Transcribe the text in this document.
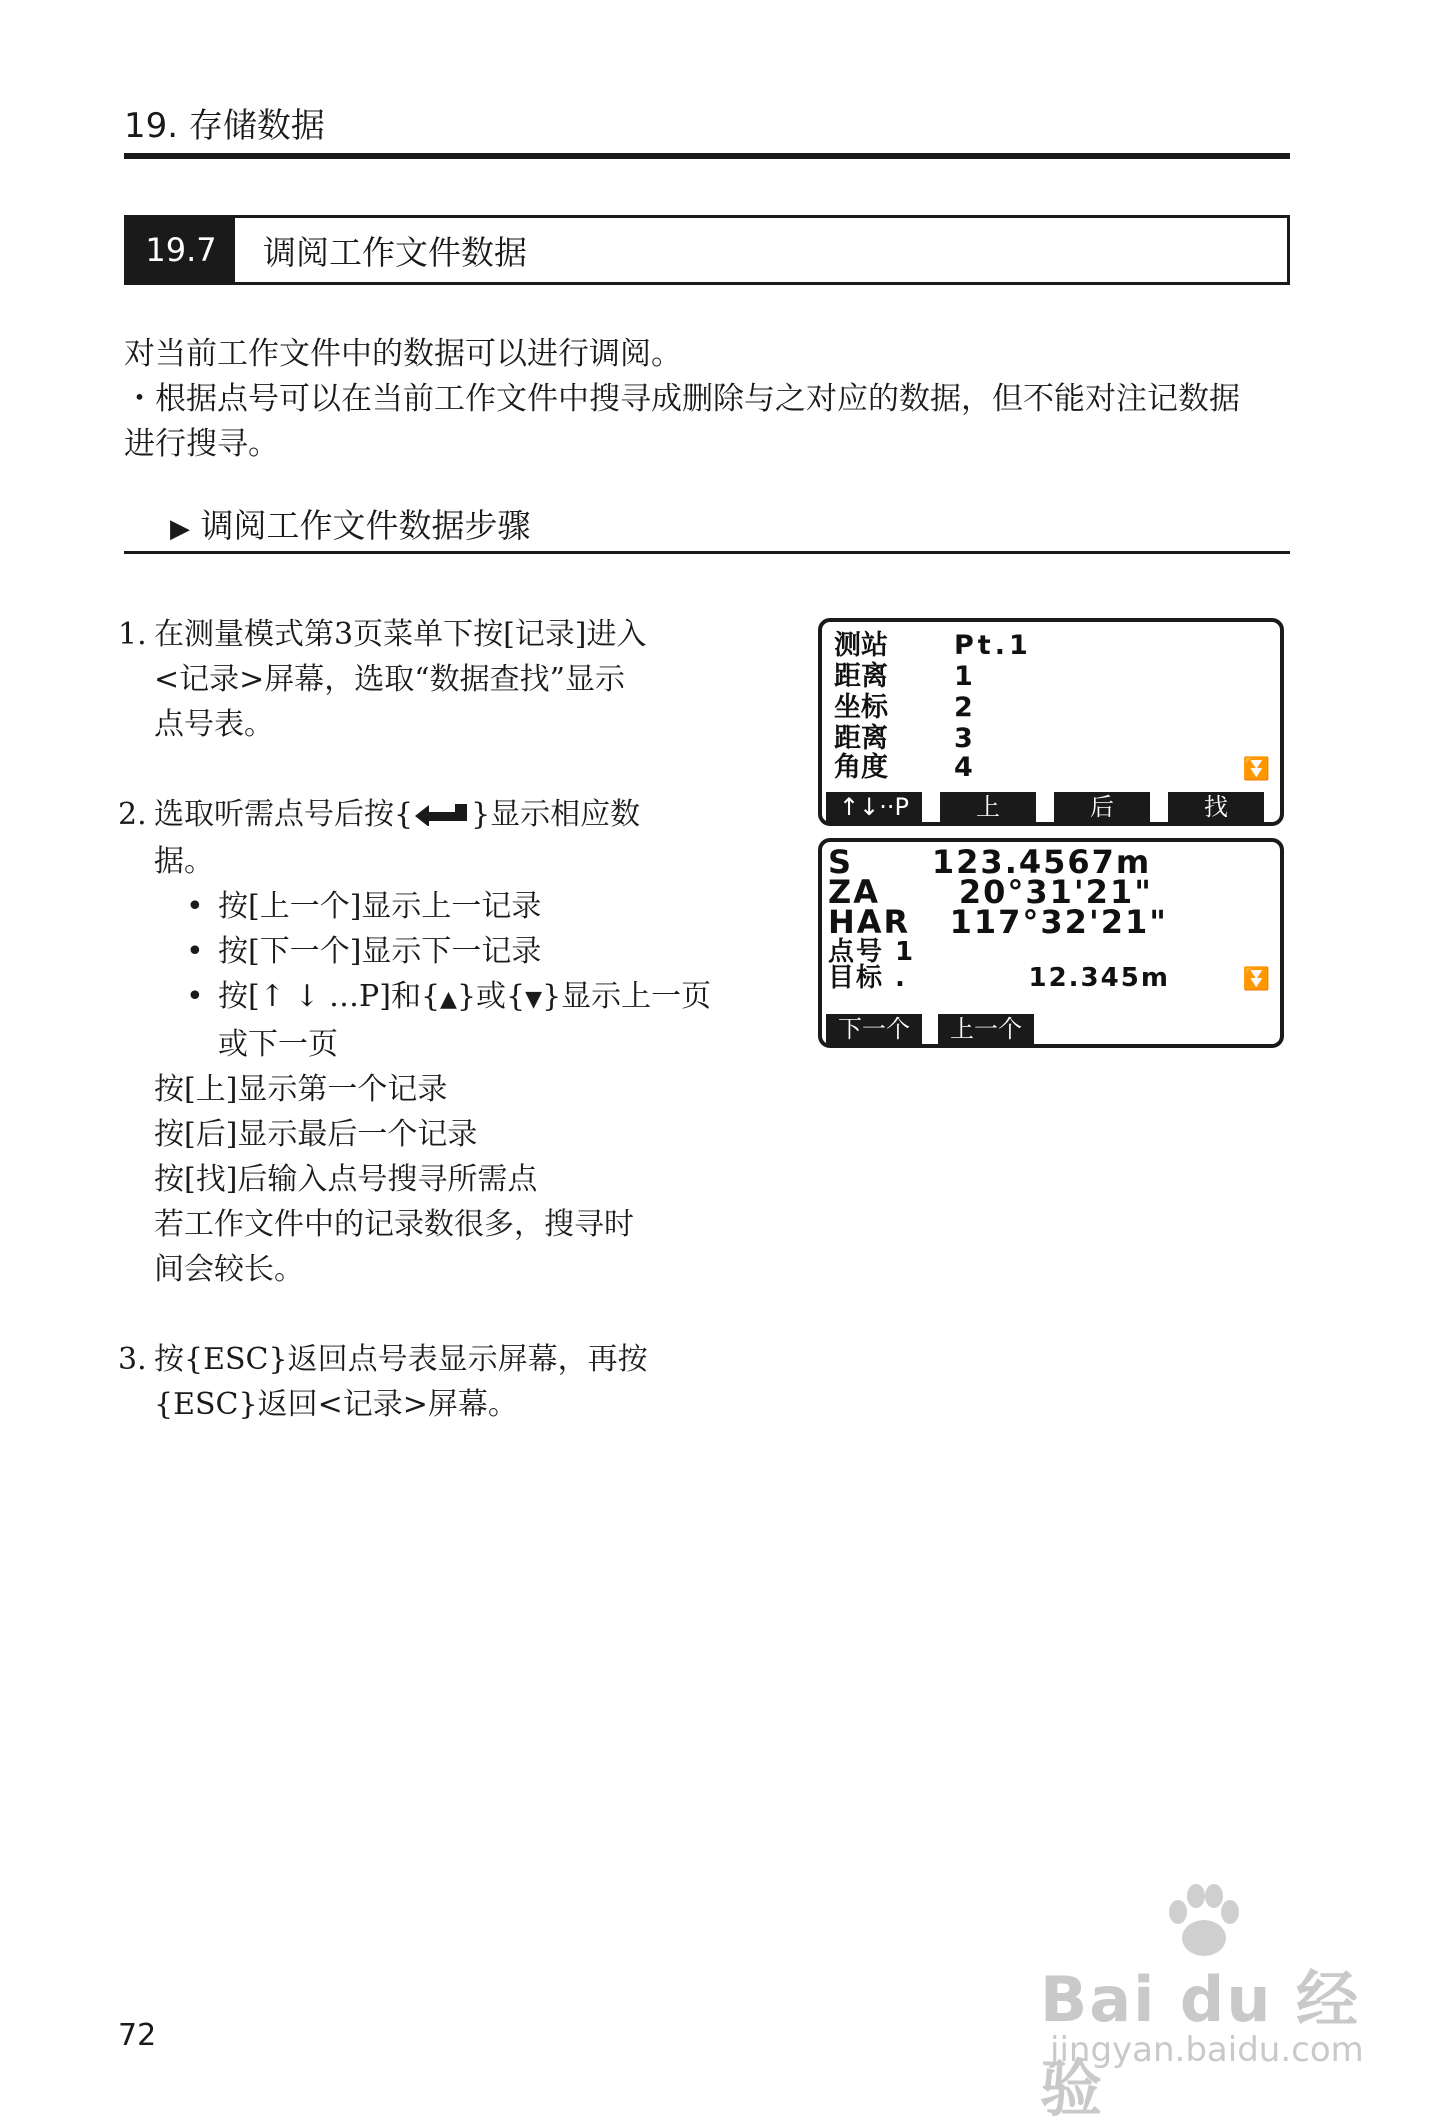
19. 存储数据
19.7	调阅工作文件数据

对当前工作文件中的数据可以进行调阅。

・根据点号可以在当前工作文件中搜寻成删除与之对应的数据，但不能对注记数据

进行搜寻。

▶ 调阅工作文件数据步骤
1. 在测量模式第3页菜单下按[记录]进入

<记录>屏幕，选取“数据查找”显示

点号表。

2. 选取听需点号后按{ }显示相应数

据。

• 按[上一个]显示上一记录
• 按[下一个]显示下一记录
• 按[↑ ↓ …P]和{▲}或{▼}显示上一页
或下一页

按[上]显示第一个记录

按[后]显示最后一个记录

按[找]后输入点号搜寻所需点

若工作文件中的记录数很多，搜寻时

间会较长。

3. 按{ESC}返回点号表显示屏幕，再按

{ESC}返回<记录>屏幕。

测站	Pt.1
距离	1
坐标	2
距离	3
角度	4	⏬
↑↓··P	上	后	找
S      123.4567m
ZA      20°31'21"
HAR   117°32'21"
点号 1
目标 .           12.345m	⏬
下一个	上一个
72	Bai du 经验
jingyan.baidu.com
